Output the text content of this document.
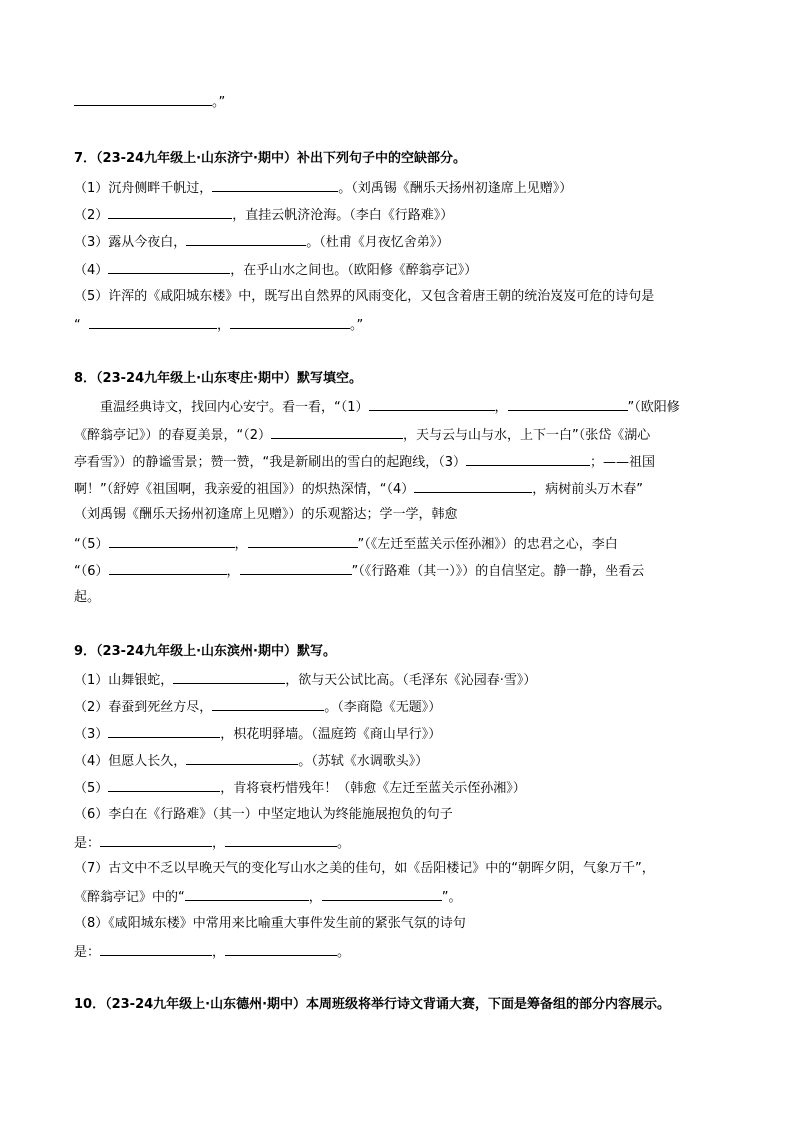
。”
7．（23-24九年级上·山东济宁·期中）补出下列句子中的空缺部分。
（1）沉舟侧畔千帆过，	。（刘禹锡《酬乐天扬州初逢席上见赠》）
（2）	，直挂云帆济沧海。（李白《行路难》）
（3）露从今夜白，	。（杜甫《月夜忆舍弟》）
（4）	，在乎山水之间也。（欧阳修《醉翁亭记》）
（5）许浑的《咸阳城东楼》中，既写出自然界的风雨变化，又包含着唐王朝的统治岌岌可危的诗句是
“	，	。”
8．（23-24九年级上·山东枣庄·期中）默写填空。
重温经典诗文，找回内心安宁。看一看，“（1）	，	”（欧阳修
《醉翁亭记》）的春夏美景，“（2）	，天与云与山与水，上下一白”（张岱《湖心
亭看雪》）的静谧雪景；赞一赞，“我是新刷出的雪白的起跑线，（3）	；——祖国
啊！”（舒婷《祖国啊，我亲爱的祖国》）的炽热深情，“（4）	，病树前头万木春”
（刘禹锡《酬乐天扬州初逢席上见赠》）的乐观豁达；学一学，韩愈
“（5）	，	”（《左迁至蓝关示侄孙湘》）的忠君之心，李白
“（6）	，	”（《行路难（其一）》）的自信坚定。静一静，坐看云
起。
9．（23-24九年级上·山东滨州·期中）默写。
（1）山舞银蛇，	，欲与天公试比高。（毛泽东《沁园春·雪》）
（2）春蚕到死丝方尽，	。（李商隐《无题》）
（3）	，枳花明驿墙。（温庭筠《商山早行》）
（4）但愿人长久，	。（苏轼《水调歌头》）
（5）	，肯将衰朽惜残年！（韩愈《左迁至蓝关示侄孙湘》）
（6）李白在《行路难》（其一）中坚定地认为终能施展抱负的句子
是：	，	。
（7）古文中不乏以早晚天气的变化写山水之美的佳句，如《岳阳楼记》中的“朝晖夕阴，气象万千”，
《醉翁亭记》中的“	，	”。
（8）《咸阳城东楼》中常用来比喻重大事件发生前的紧张气氛的诗句
是：	，	。
10．（23-24九年级上·山东德州·期中）本周班级将举行诗文背诵大赛，下面是筹备组的部分内容展示。
